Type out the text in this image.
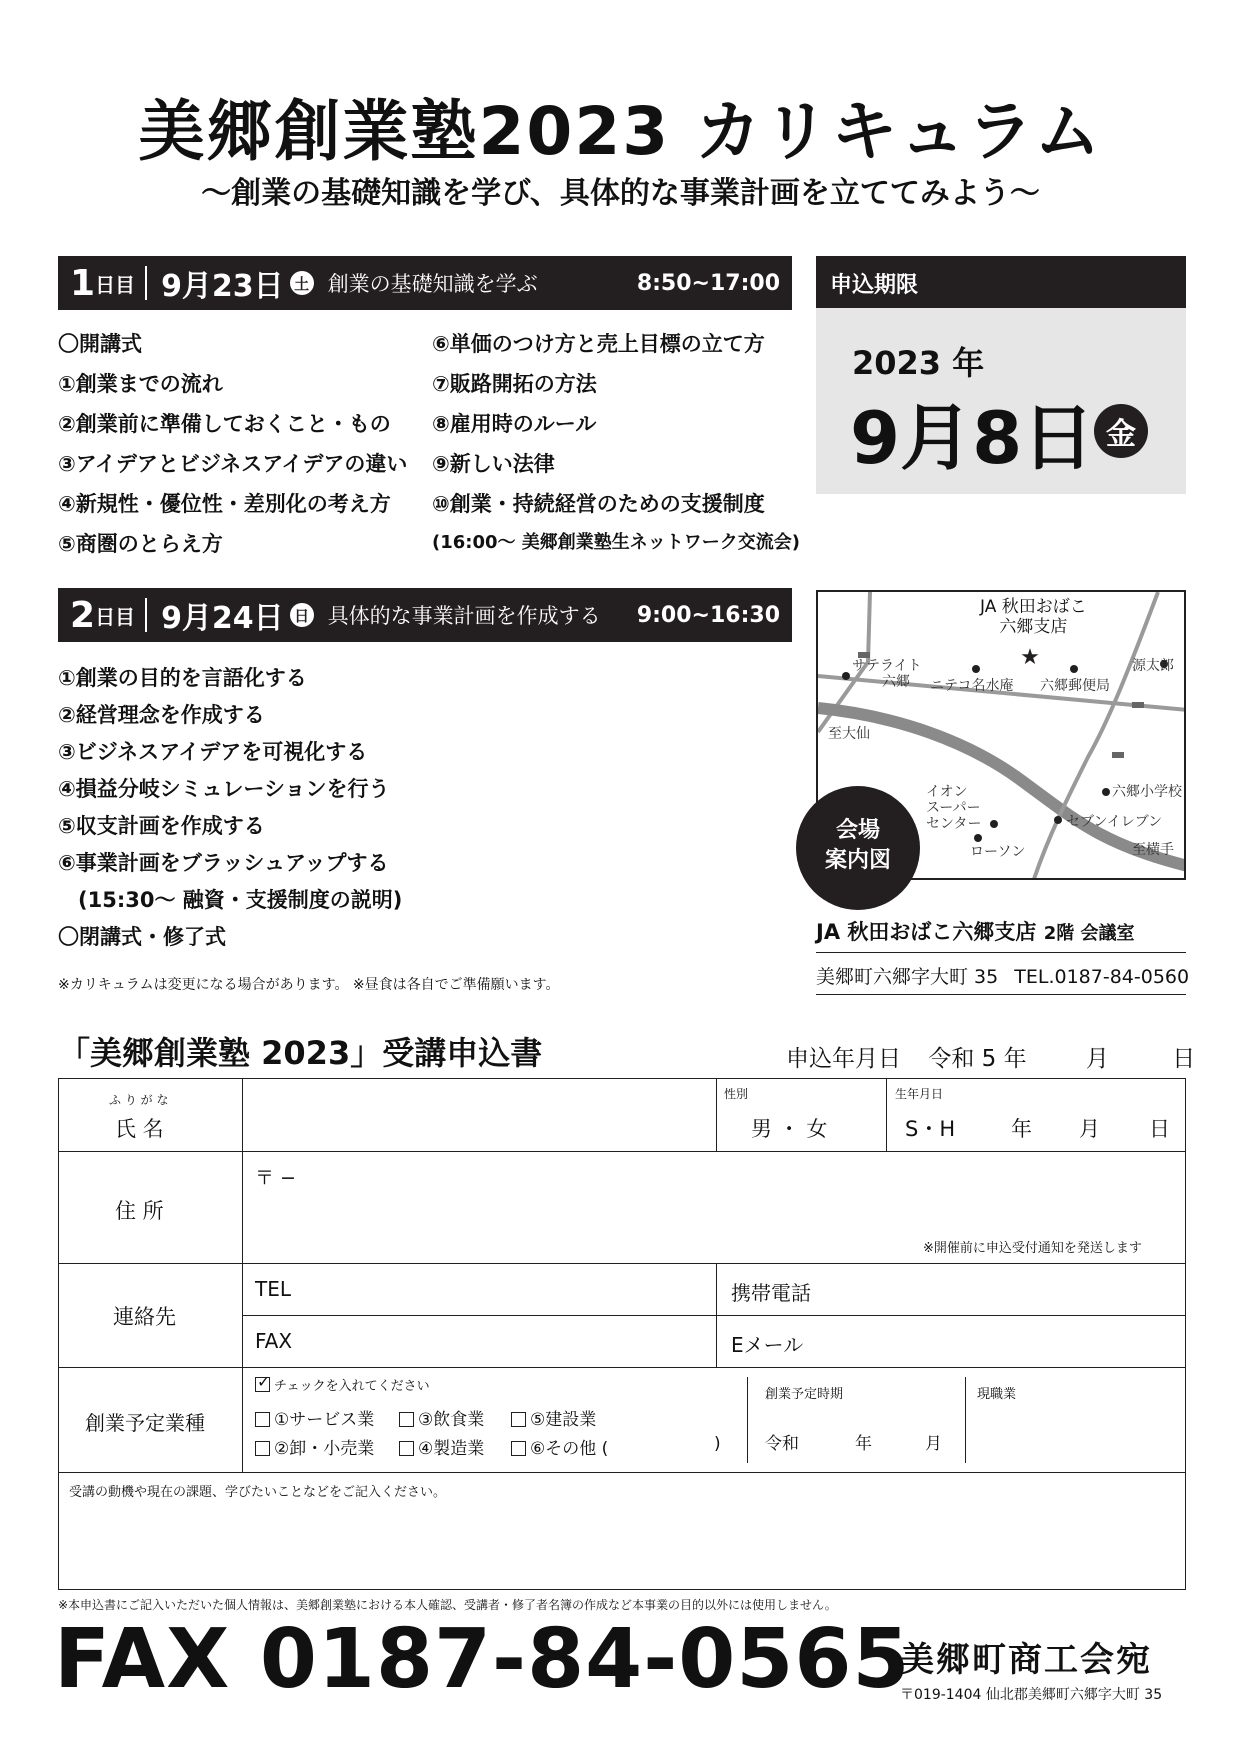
美郷創業塾2023 カリキュラム
〜創業の基礎知識を学び、具体的な事業計画を立ててみよう〜
1 日目 9月23日 土 創業の基礎知識を学ぶ	8:50~17:00
〇開講式
①創業までの流れ
②創業前に準備しておくこと・もの
③アイデアとビジネスアイデアの違い
④新規性・優位性・差別化の考え方
⑤商圏のとらえ方
⑥単価のつけ方と売上目標の立て方
⑦販路開拓の方法
⑧雇用時のルール
⑨新しい法律
⑩創業・持続経営のための支援制度
(16:00〜 美郷創業塾生ネットワーク交流会)
申込期限
2023 年
9月8日 金
2 日目 9月24日 日 具体的な事業計画を作成する	9:00~16:30
①創業の目的を言語化する
②経営理念を作成する
③ビジネスアイデアを可視化する
④損益分岐シミュレーションを行う
⑤収支計画を作成する
⑥事業計画をブラッシュアップする
(15:30〜 融資・支援制度の説明)
〇閉講式・修了式
★
JA 秋田おばこ
六郷支店
サテライト
六郷	ニテコ名水庵 六郷郵便局
源太郎
至大仙
六郷小学校
イオン
スーパー
センター	セブンイレブン
ローソン	至横手
会場
案内図
JA 秋田おばこ六郷支店 2階 会議室
美郷町六郷字大町 35 TEL.0187-84-0560
※カリキュラムは変更になる場合があります。 ※昼食は各自でご準備願います。
「美郷創業塾 2023」受講申込書	申込年月日 令和 5 年	月	日
ふ り が な
氏 名
性別
男 ・ 女
生年月日
S・H	年 月 日
住 所
〒 −
※開催前に申込受付通知を発送します
連絡先
TEL	携帯電話
FAX	Eメール
創業予定業種
✓ チェックを入れてください
①サービス業	③飲食業	⑤建設業
②卸・小売業	④製造業	⑥その他 (	)
創業予定時期
令和	年	月
現職業
受講の動機や現在の課題、学びたいことなどをご記入ください。
※本申込書にご記入いただいた個人情報は、美郷創業塾における本人確認、受講者・修了者名簿の作成など本事業の目的以外には使用しません。
FAX 0187-84-0565
美郷町商工会宛
〒019-1404 仙北郡美郷町六郷字大町 35
